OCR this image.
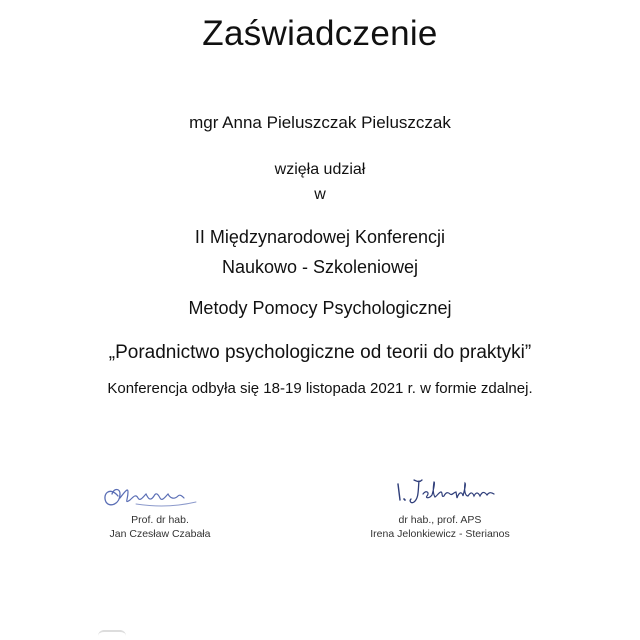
Zaświadczenie
mgr Anna Pieluszczak Pieluszczak
wzięła udział
w
II Międzynarodowej Konferencji
Naukowo - Szkoleniowej
Metody Pomocy Psychologicznej
„Poradnictwo psychologiczne od teorii do praktyki”
Konferencja odbyła się 18-19 listopada 2021 r. w formie zdalnej.
Prof. dr hab.
Jan Czesław Czabała
dr hab., prof. APS
Irena Jelonkiewicz - Sterianos
